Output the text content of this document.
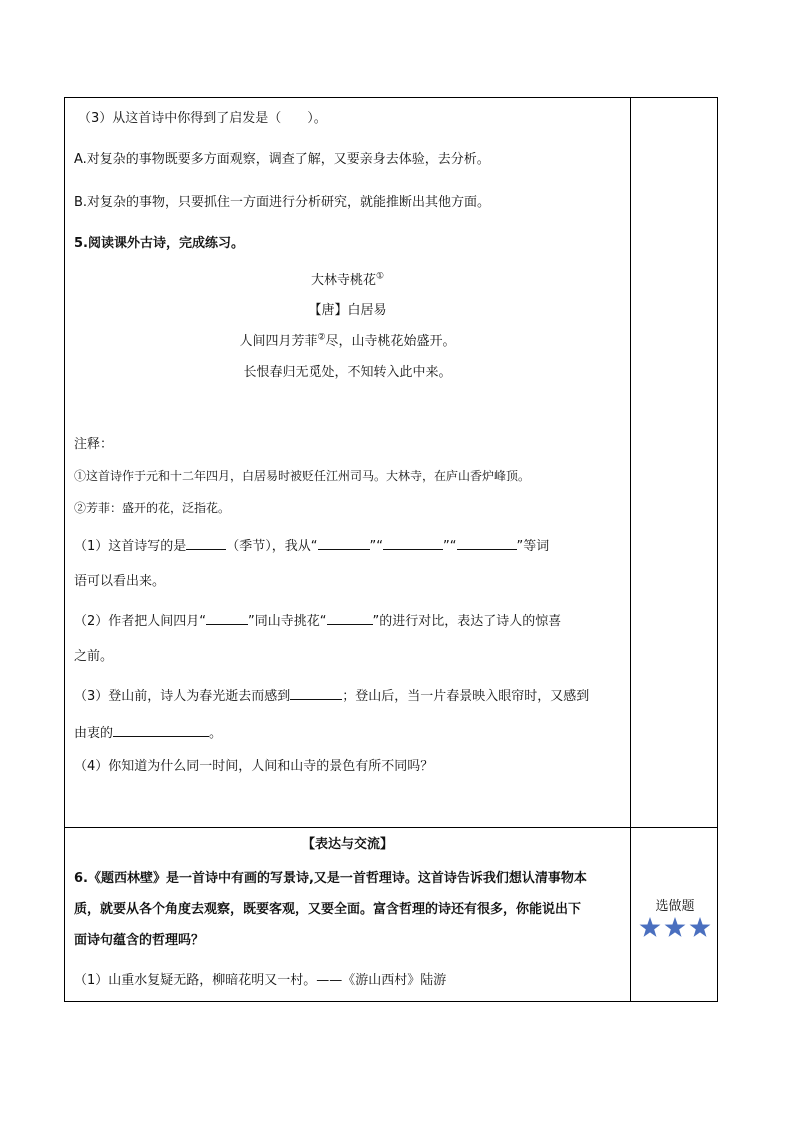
（3）从这首诗中你得到了启发是（　　）。
A.对复杂的事物既要多方面观察，调查了解，又要亲身去体验，去分析。
B.对复杂的事物，只要抓住一方面进行分析研究，就能推断出其他方面。
5.阅读课外古诗，完成练习。
大林寺桃花①
【唐】白居易
人间四月芳菲②尽，山寺桃花始盛开。
长恨春归无觅处，不知转入此中来。
注释：
①这首诗作于元和十二年四月，白居易时被贬任江州司马。大林寺，在庐山香炉峰顶。
②芳菲：盛开的花，泛指花。
（1）这首诗写的是	（季节），我从“	”“	”“	”等词
语可以看出来。
（2）作者把人间四月“	”同山寺挑花“	”的进行对比，表达了诗人的惊喜
之前。
（3）登山前，诗人为春光逝去而感到	；登山后，当一片春景映入眼帘时，又感到
由衷的	。
（4）你知道为什么同一时间，人间和山寺的景色有所不同吗？
【表达与交流】
6.《题西林壁》是一首诗中有画的写景诗,又是一首哲理诗。这首诗告诉我们想认清事物本
质，就要从各个角度去观察，既要客观，又要全面。富含哲理的诗还有很多，你能说出下
面诗句蕴含的哲理吗？
（1）山重水复疑无路，柳暗花明又一村。——《游山西村》陆游
选做题
